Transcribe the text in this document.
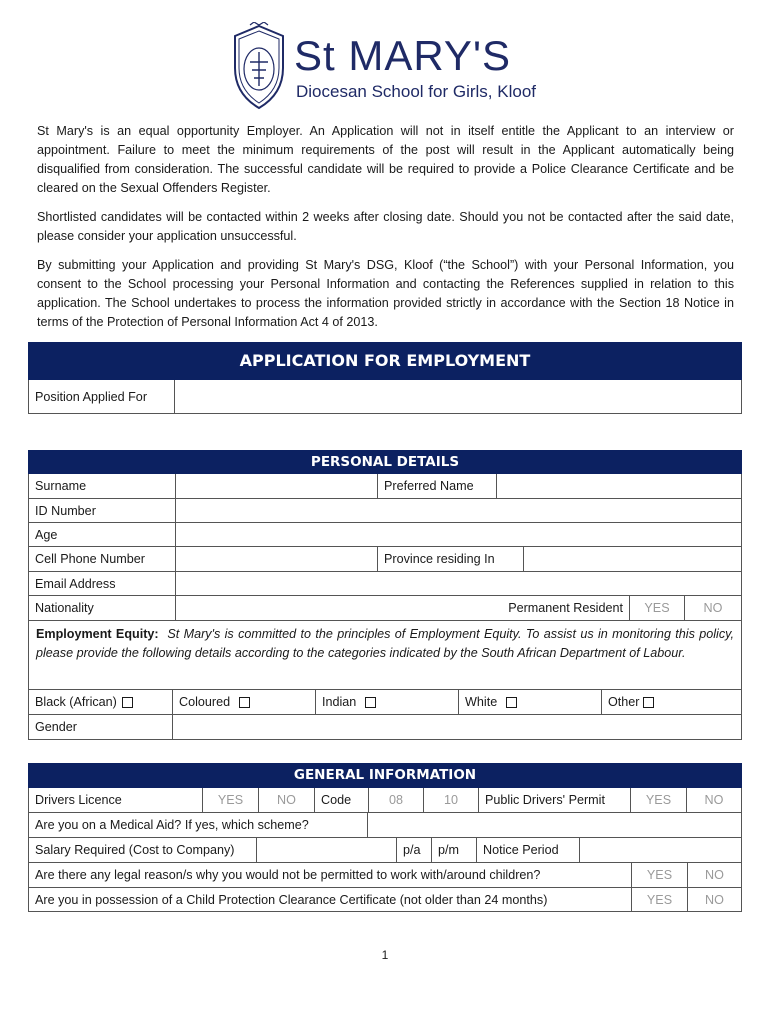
St MARY'S
Diocesan School for Girls, Kloof

St Mary's is an equal opportunity Employer. An Application will not in itself entitle the Applicant to an interview or appointment. Failure to meet the minimum requirements of the post will result in the Applicant automatically being disqualified from consideration. The successful candidate will be required to provide a Police Clearance Certificate and be cleared on the Sexual Offenders Register.

Shortlisted candidates will be contacted within 2 weeks after closing date. Should you not be contacted after the said date, please consider your application unsuccessful.

By submitting your Application and providing St Mary's DSG, Kloof (“the School”) with your Personal Information, you consent to the School processing your Personal Information and contacting the References supplied in relation to this application. The School undertakes to process the information provided strictly in accordance with the Section 18 Notice in terms of the Protection of Personal Information Act 4 of 2013.

APPLICATION FOR EMPLOYMENT
Position Applied For
PERSONAL DETAILS
Surname	Preferred Name
ID Number
Age
Cell Phone Number	Province residing In
Email Address
Nationality	Permanent Resident	YES	NO
Employment Equity: St Mary's is committed to the principles of Employment Equity. To assist us in monitoring this policy, please provide the following details according to the categories indicated by the South African Department of Labour.
Black (African)	Coloured	Indian	White	Other
Gender
GENERAL INFORMATION
Drivers Licence	YES	NO	Code	08	10	Public Drivers' Permit	YES	NO
Are you on a Medical Aid? If yes, which scheme?
Salary Required (Cost to Company)	p/a	p/m	Notice Period
Are there any legal reason/s why you would not be permitted to work with/around children?	YES	NO
Are you in possession of a Child Protection Clearance Certificate (not older than 24 months)	YES	NO
1
